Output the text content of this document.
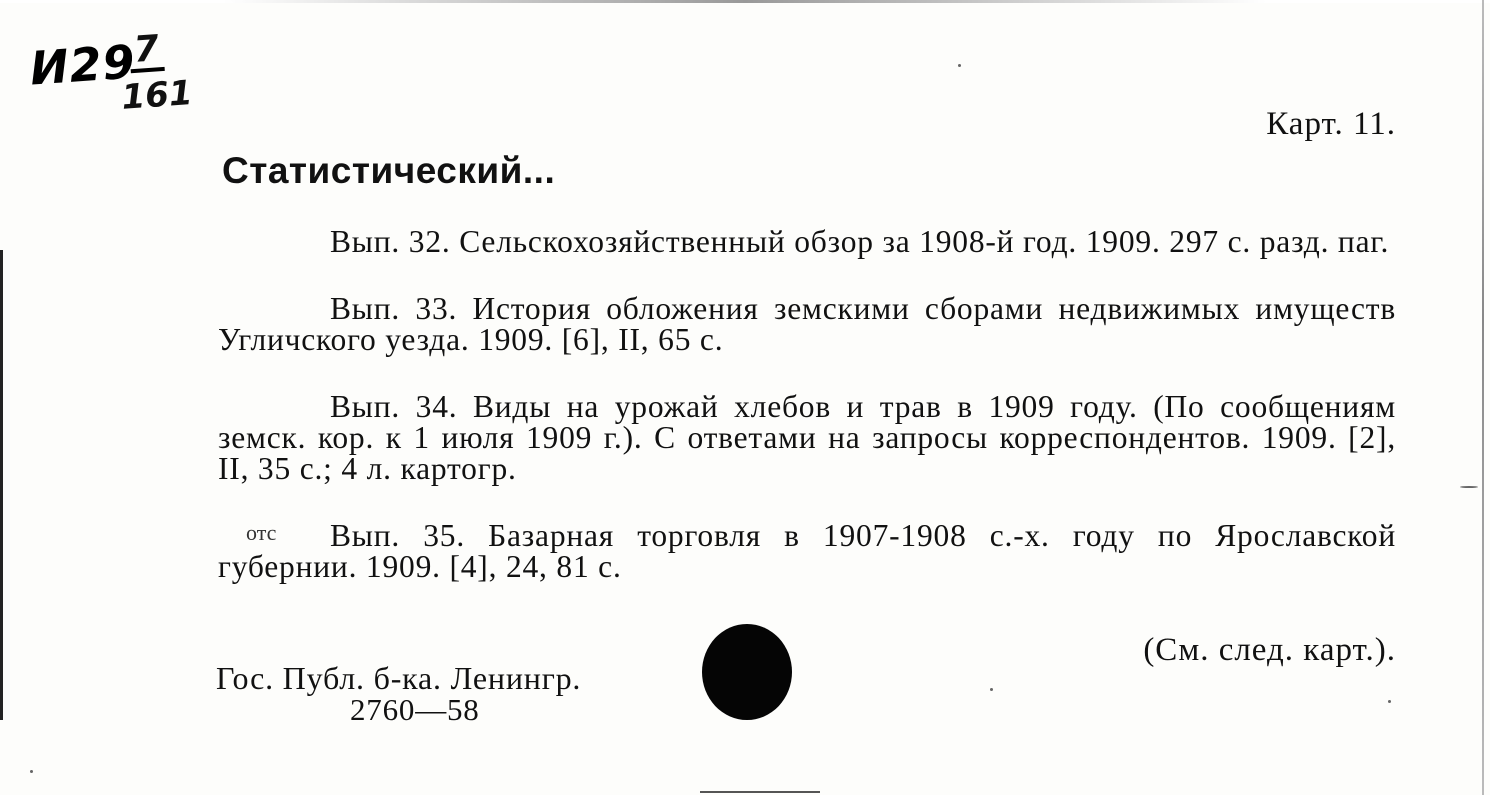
И29
$\frac{7}{161}$
Карт. 11.
Статистический...

Вып. 32. Сельскохозяйственный обзор за 1908-й год. 1909. 297 с. разд. паг.

Вып. 33. История обложения земскими сборами недвижимых имуществ Угличского уезда. 1909. [6], II, 65 с.

Вып. 34. Виды на урожай хлебов и трав в 1909 году. (По сообщениям земск. кор. к 1 июля 1909 г.). С ответами на запросы корреспондентов. 1909. [2], II, 35 с.; 4 л. картогр.

отс	Вып. 35. Базарная торговля в 1907-1908 с.-х. году по Ярославской губернии. 1909. [4], 24, 81 с.

(См. след. карт.).
Гос. Публ. б-ка. Ленингр.
2760—58
